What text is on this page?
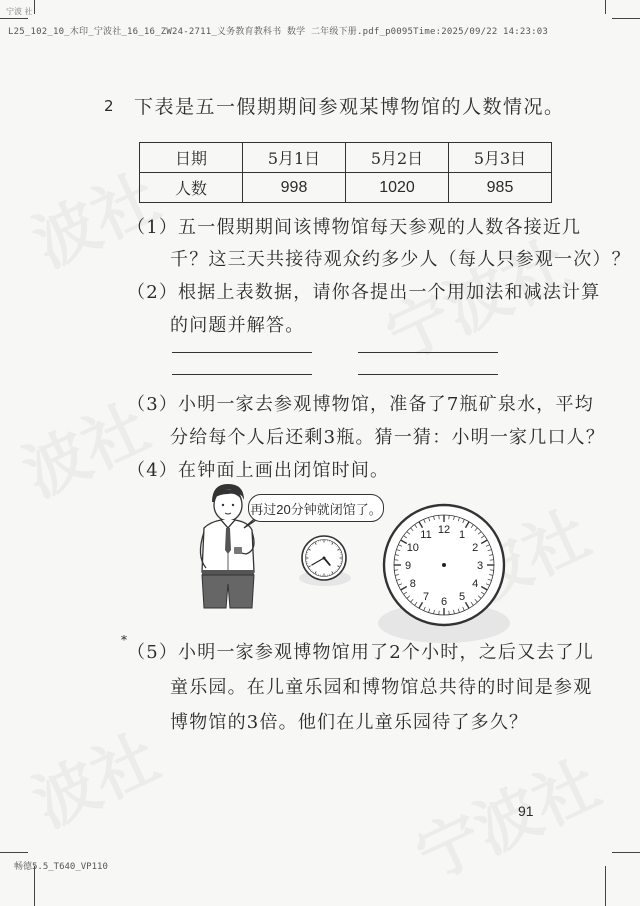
宁波 社
L25_102_10_木印_宁波社_16_16_ZW24-2711_义务教育教科书 数学 二年级下册.pdf_p0095Time:2025/09/22 14:23:03
2 下表是五一假期期间参观某博物馆的人数情况。
日期	5月1日	5月2日	5月3日
人数	998	1020	985
（1）五一假期期间该博物馆每天参观的人数各接近几
千？这三天共接待观众约多少人（每人只参观一次）？
（2）根据上表数据，请你各提出一个用加法和减法计算
的问题并解答。
（3）小明一家去参观博物馆，准备了7瓶矿泉水，平均
分给每个人后还剩3瓶。猜一猜：小明一家几口人？
（4）在钟面上画出闭馆时间。
再过20分钟就闭馆了。
12 1
2
3
4
5
6
7
8
9
10
11
*
（5）小明一家参观博物馆用了2个小时，之后又去了儿
童乐园。在儿童乐园和博物馆总共待的时间是参观
博物馆的3倍。他们在儿童乐园待了多久？
91
畅德5.5_T640_VP110
